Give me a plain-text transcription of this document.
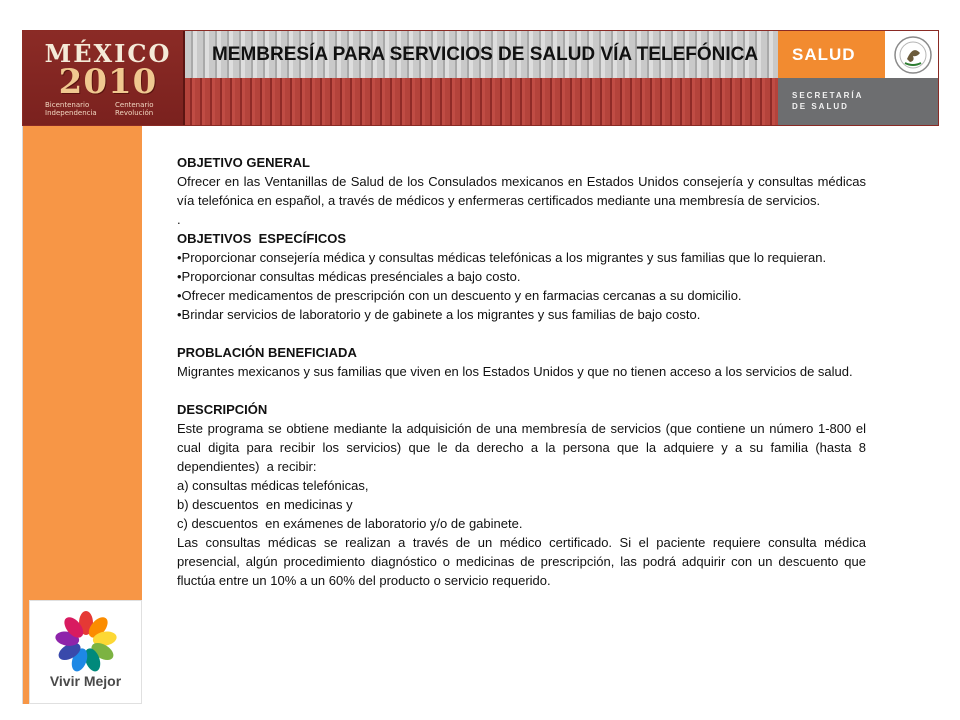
MÉXICO
2010
Bicentenario
Independencia
Centenario
Revolución
MEMBRESÍA PARA SERVICIOS DE SALUD VÍA TELEFÓNICA SALUD
SECRETARÍA
DE SALUD
Vivir Mejor
OBJETIVO GENERAL
Ofrecer en las Ventanillas de Salud de los Consulados mexicanos en Estados Unidos consejería y consultas médicas vía telefónica en español, a través de médicos y enfermeras certificados mediante una membresía de servicios.
.
OBJETIVOS  ESPECÍFICOS
•Proporcionar consejería médica y consultas médicas telefónicas a los migrantes y sus familias que lo requieran.
•Proporcionar consultas médicas presénciales a bajo costo.
•Ofrecer medicamentos de prescripción con un descuento y en farmacias cercanas a su domicilio.
•Brindar servicios de laboratorio y de gabinete a los migrantes y sus familias de bajo costo.
PROBLACIÓN BENEFICIADA
Migrantes mexicanos y sus familias que viven en los Estados Unidos y que no tienen acceso a los servicios de salud.
DESCRIPCIÓN
Este programa se obtiene mediante la adquisición de una membresía de servicios (que contiene un número 1-800 el cual digita para recibir los servicios) que le da derecho a la persona que la adquiere y a su familia (hasta 8 dependientes)  a recibir:
a) consultas médicas telefónicas,
b) descuentos  en medicinas y
c) descuentos  en exámenes de laboratorio y/o de gabinete.
Las consultas médicas se realizan a través de un médico certificado. Si el paciente requiere consulta médica presencial, algún procedimiento diagnóstico o medicinas de prescripción, las podrá adquirir con un descuento que fluctúa entre un 10% a un 60% del producto o servicio requerido.
